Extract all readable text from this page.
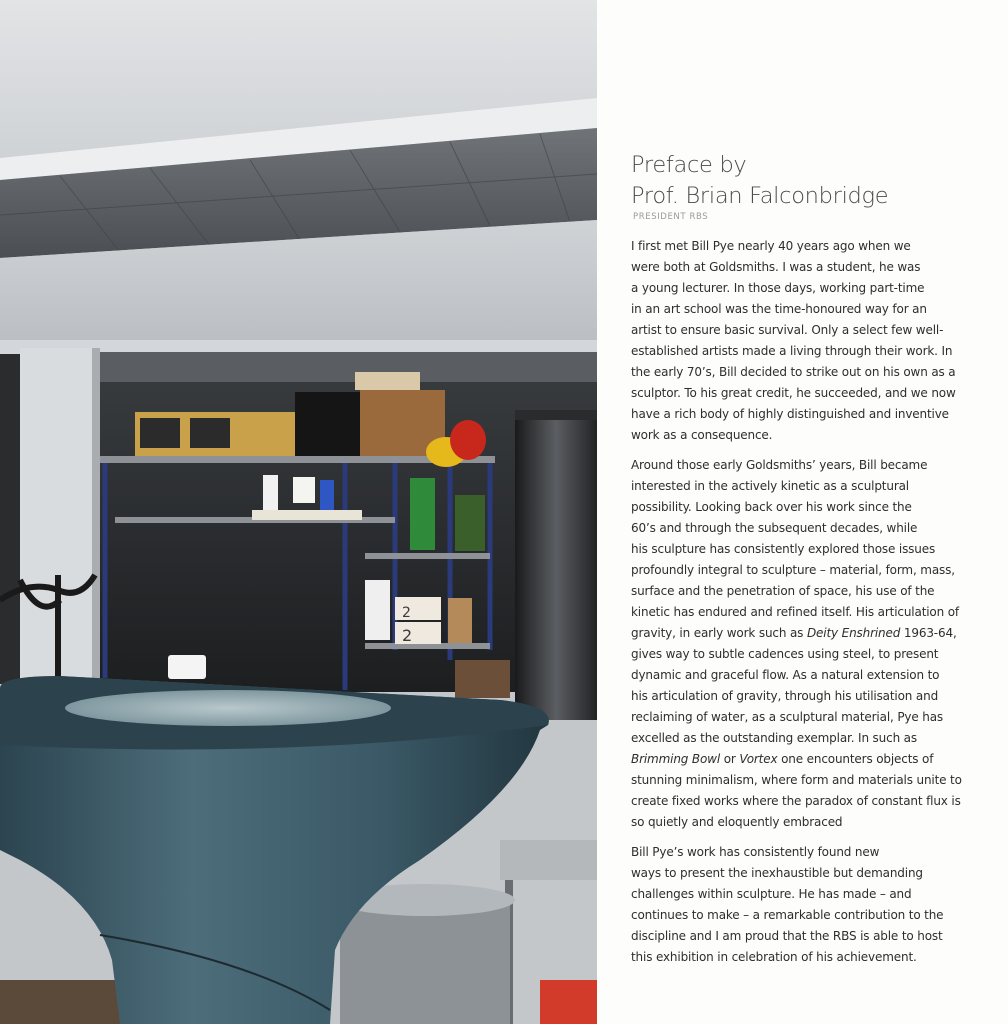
2
2
Preface by
Prof. Brian Falconbridge

PRESIDENT RBS

I first met Bill Pye nearly 40 years ago when we
were both at Goldsmiths. I was a student, he was
a young lecturer. In those days, working part-time
in an art school was the time-honoured way for an
artist to ensure basic survival. Only a select few well-
established artists made a living through their work. In
the early 70’s, Bill decided to strike out on his own as a
sculptor. To his great credit, he succeeded, and we now
have a rich body of highly distinguished and inventive
work as a consequence.

Around those early Goldsmiths’ years, Bill became
interested in the actively kinetic as a sculptural
possibility. Looking back over his work since the
60’s and through the subsequent decades, while
his sculpture has consistently explored those issues
profoundly integral to sculpture – material, form, mass,
surface and the penetration of space, his use of the
kinetic has endured and refined itself. His articulation of
gravity, in early work such as Deity Enshrined 1963-64,
gives way to subtle cadences using steel, to present
dynamic and graceful flow. As a natural extension to
his articulation of gravity, through his utilisation and
reclaiming of water, as a sculptural material, Pye has
excelled as the outstanding exemplar. In such as
Brimming Bowl or Vortex one encounters objects of
stunning minimalism, where form and materials unite to
create fixed works where the paradox of constant flux is
so quietly and eloquently embraced

Bill Pye’s work has consistently found new
ways to present the inexhaustible but demanding
challenges within sculpture. He has made – and
continues to make – a remarkable contribution to the
discipline and I am proud that the RBS is able to host
this exhibition in celebration of his achievement.
